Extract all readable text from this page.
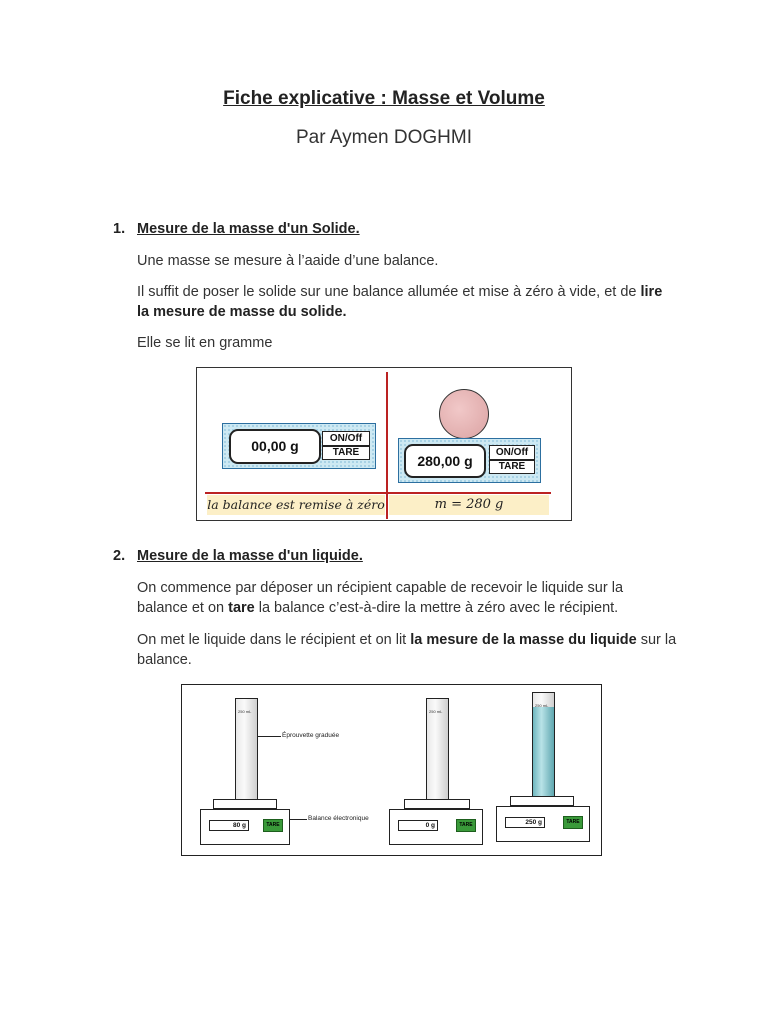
Fiche explicative : Masse et Volume
Par Aymen DOGHMI
1. Mesure de la masse d'un Solide.
Une masse se mesure à l’aaide d’une balance.
Il suffit de poser le solide sur une balance allumée et mise à zéro à vide, et de lire la mesure de masse du solide.
Elle se lit en gramme
00,00 g	ON/Off
TARE
280,00 g
ON/Off
TARE
la balance est remise à zéro	m = 280 g
2. Mesure de la masse d'un liquide.
On commence par déposer un récipient capable de recevoir le liquide sur la balance et on tare la balance c’est-à-dire la mettre à zéro avec le récipient.
On met le liquide dans le récipient et on lit la mesure de la masse du liquide sur la balance.
250 mL
Éprouvette graduée
80 g	TARE
Balance électronique
250 mL
0 g	TARE
250 mL
250 g	TARE
